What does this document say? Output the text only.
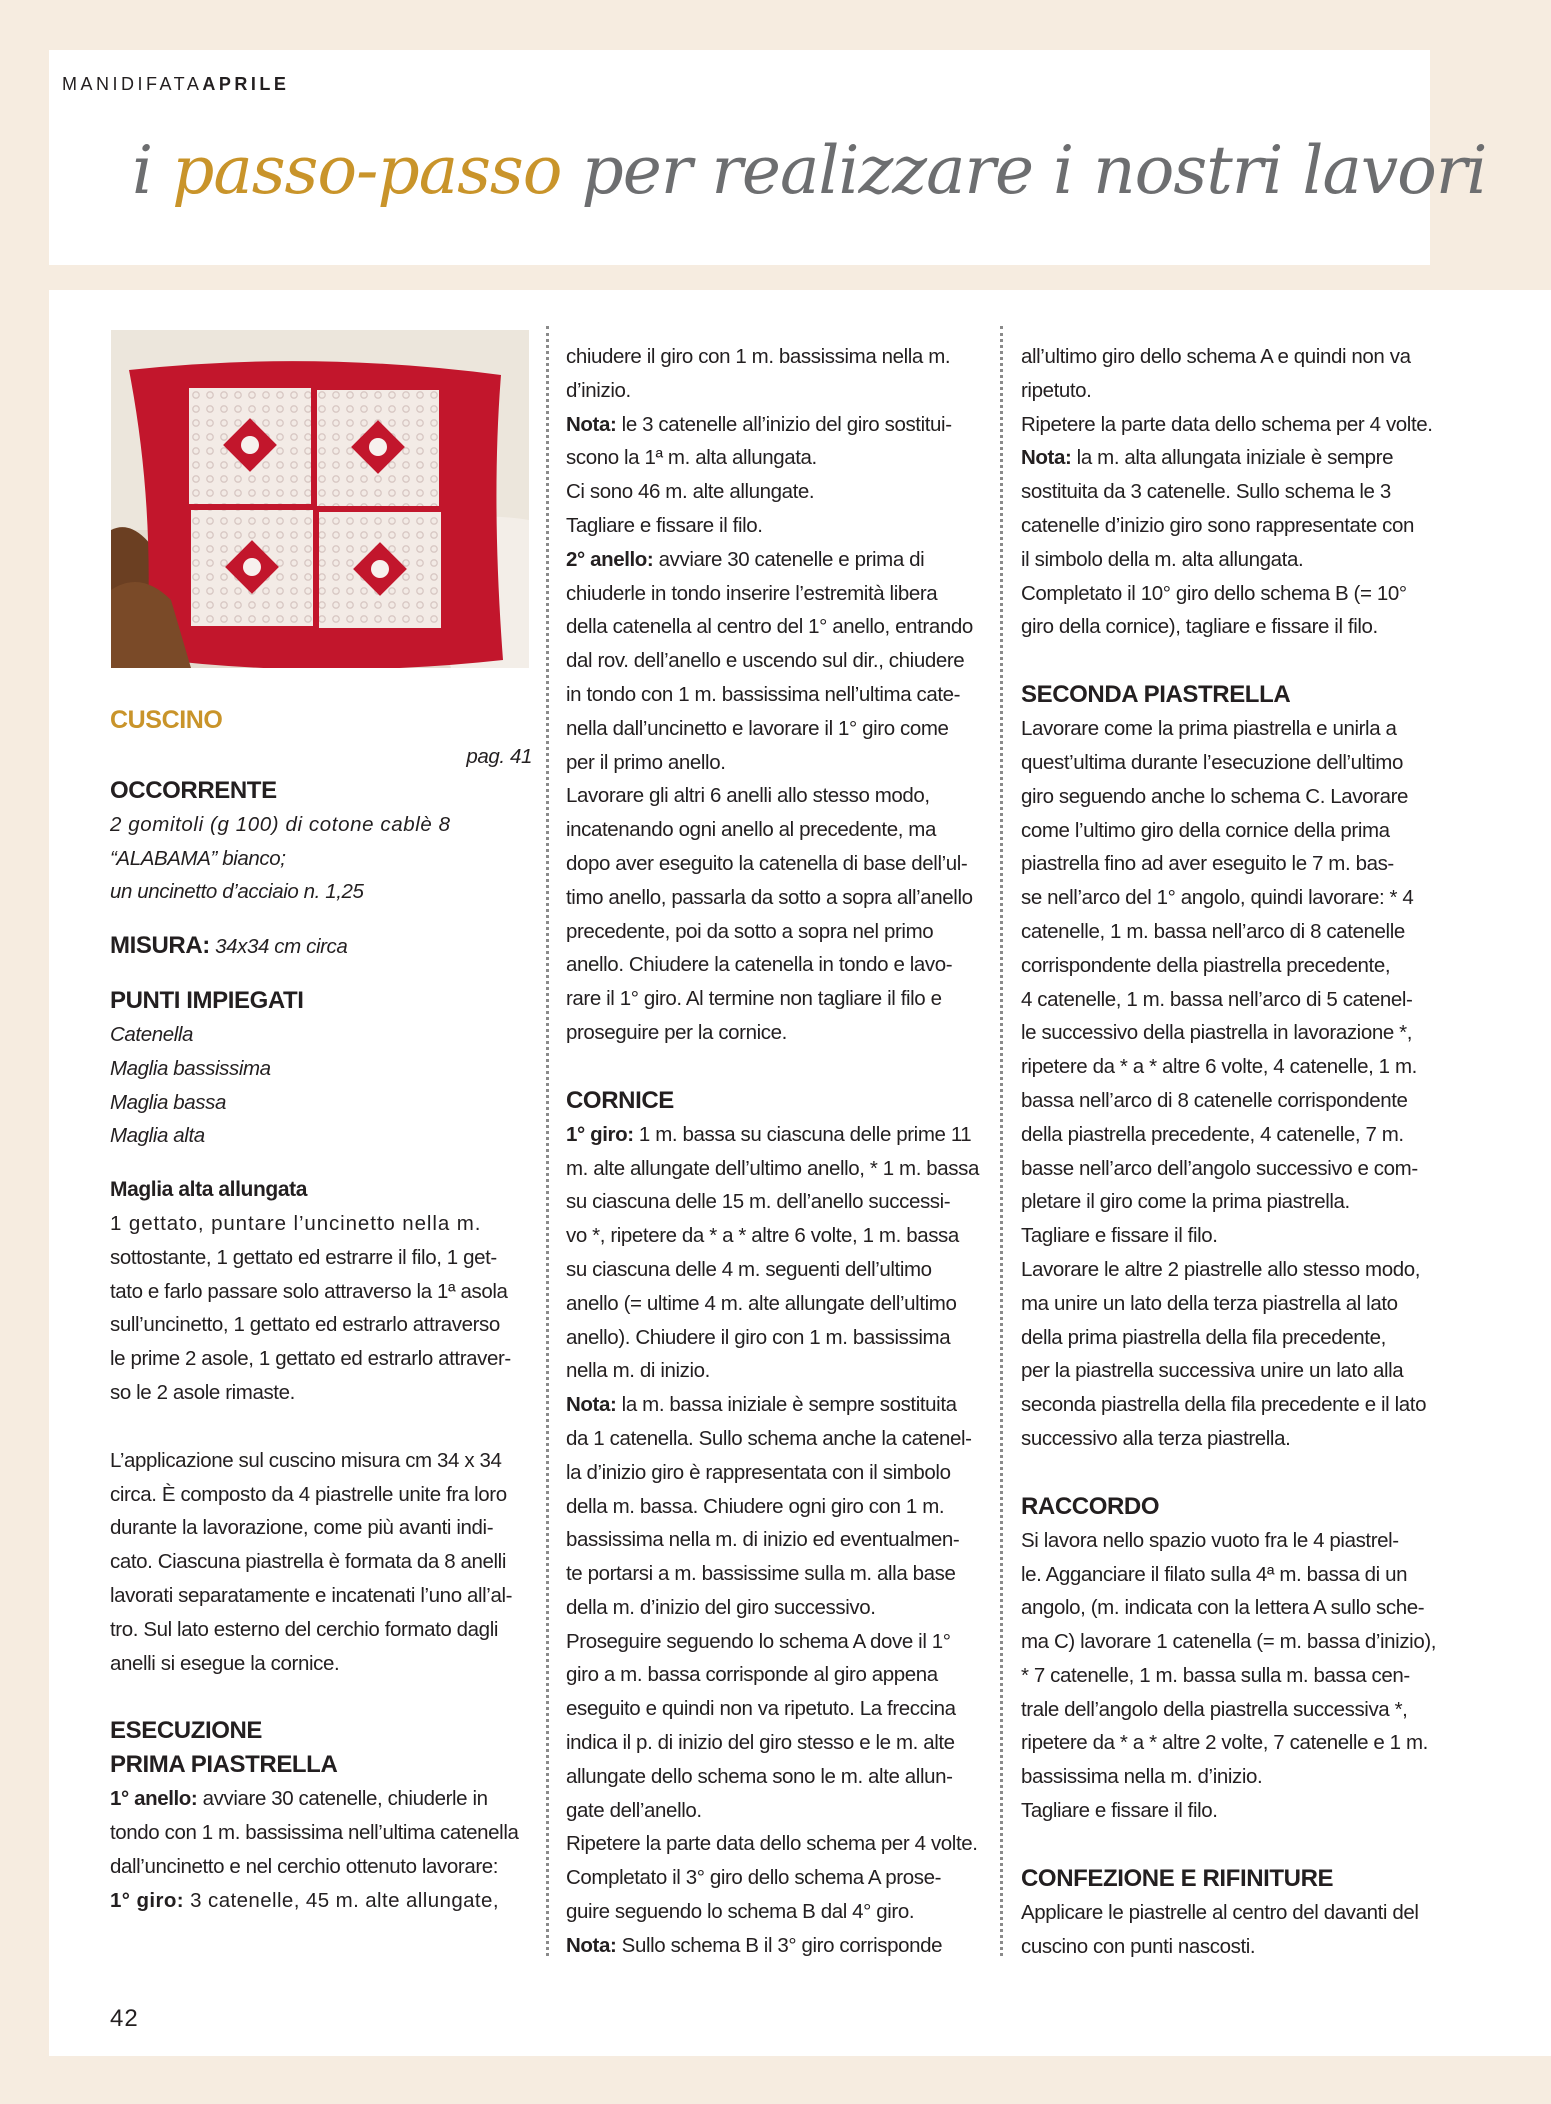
MANIDIFATAAPRILE
i passo-passo per realizzare i nostri lavori
CUSCINO

pag. 41

OCCORRENTE

2 gomitoli (g 100) di cotone cablè 8

“ALABAMA” bianco;

un uncinetto d’acciaio n. 1,25

MISURA: 34x34 cm circa

PUNTI IMPIEGATI

Catenella

Maglia bassissima

Maglia bassa

Maglia alta

Maglia alta allungata

1 gettato, puntare l’uncinetto nella m.

sottostante, 1 gettato ed estrarre il filo, 1 get-

tato e farlo passare solo attraverso la 1ª asola

sull’uncinetto, 1 gettato ed estrarlo attraverso

le prime 2 asole, 1 gettato ed estrarlo attraver-

so le 2 asole rimaste.

L’applicazione sul cuscino misura cm 34 x 34

circa. È composto da 4 piastrelle unite fra loro

durante la lavorazione, come più avanti indi-

cato. Ciascuna piastrella è formata da 8 anelli

lavorati separatamente e incatenati l’uno all’al-

tro. Sul lato esterno del cerchio formato dagli

anelli si esegue la cornice.

ESECUZIONE
PRIMA PIASTRELLA

1° anello: avviare 30 catenelle, chiuderle in

tondo con 1 m. bassissima nell’ultima catenella

dall’uncinetto e nel cerchio ottenuto lavorare:

1° giro: 3 catenelle, 45 m. alte allungate,

chiudere il giro con 1 m. bassissima nella m.

d’inizio.

Nota: le 3 catenelle all’inizio del giro sostitui-

scono la 1ª m. alta allungata.

Ci sono 46 m. alte allungate.

Tagliare e fissare il filo.

2° anello: avviare 30 catenelle e prima di

chiuderle in tondo inserire l’estremità libera

della catenella al centro del 1° anello, entrando

dal rov. dell’anello e uscendo sul dir., chiudere

in tondo con 1 m. bassissima nell’ultima cate-

nella dall’uncinetto e lavorare il 1° giro come

per il primo anello.

Lavorare gli altri 6 anelli allo stesso modo,

incatenando ogni anello al precedente, ma

dopo aver eseguito la catenella di base dell’ul-

timo anello, passarla da sotto a sopra all’anello

precedente, poi da sotto a sopra nel primo

anello. Chiudere la catenella in tondo e lavo-

rare il 1° giro. Al termine non tagliare il filo e

proseguire per la cornice.

CORNICE

1° giro: 1 m. bassa su ciascuna delle prime 11

m. alte allungate dell’ultimo anello, * 1 m. bassa

su ciascuna delle 15 m. dell’anello successi-

vo *, ripetere da * a * altre 6 volte, 1 m. bassa

su ciascuna delle 4 m. seguenti dell’ultimo

anello (= ultime 4 m. alte allungate dell’ultimo

anello). Chiudere il giro con 1 m. bassissima

nella m. di inizio.

Nota: la m. bassa iniziale è sempre sostituita

da 1 catenella. Sullo schema anche la catenel-

la d’inizio giro è rappresentata con il simbolo

della m. bassa. Chiudere ogni giro con 1 m.

bassissima nella m. di inizio ed eventualmen-

te portarsi a m. bassissime sulla m. alla base

della m. d’inizio del giro successivo.

Proseguire seguendo lo schema A dove il 1°

giro a m. bassa corrisponde al giro appena

eseguito e quindi non va ripetuto. La freccina

indica il p. di inizio del giro stesso e le m. alte

allungate dello schema sono le m. alte allun-

gate dell’anello.

Ripetere la parte data dello schema per 4 volte.

Completato il 3° giro dello schema A prose-

guire seguendo lo schema B dal 4° giro.

Nota: Sullo schema B il 3° giro corrisponde

all’ultimo giro dello schema A e quindi non va

ripetuto.

Ripetere la parte data dello schema per 4 volte.

Nota: la m. alta allungata iniziale è sempre

sostituita da 3 catenelle. Sullo schema le 3

catenelle d’inizio giro sono rappresentate con

il simbolo della m. alta allungata.

Completato il 10° giro dello schema B (= 10°

giro della cornice), tagliare e fissare il filo.

SECONDA PIASTRELLA

Lavorare come la prima piastrella e unirla a

quest’ultima durante l’esecuzione dell’ultimo

giro seguendo anche lo schema C. Lavorare

come l’ultimo giro della cornice della prima

piastrella fino ad aver eseguito le 7 m. bas-

se nell’arco del 1° angolo, quindi lavorare: * 4

catenelle, 1 m. bassa nell’arco di 8 catenelle

corrispondente della piastrella precedente,

4 catenelle, 1 m. bassa nell’arco di 5 catenel-

le successivo della piastrella in lavorazione *,

ripetere da * a * altre 6 volte, 4 catenelle, 1 m.

bassa nell’arco di 8 catenelle corrispondente

della piastrella precedente, 4 catenelle, 7 m.

basse nell’arco dell’angolo successivo e com-

pletare il giro come la prima piastrella.

Tagliare e fissare il filo.

Lavorare le altre 2 piastrelle allo stesso modo,

ma unire un lato della terza piastrella al lato

della prima piastrella della fila precedente,

per la piastrella successiva unire un lato alla

seconda piastrella della fila precedente e il lato

successivo alla terza piastrella.

RACCORDO

Si lavora nello spazio vuoto fra le 4 piastrel-

le. Agganciare il filato sulla 4ª m. bassa di un

angolo, (m. indicata con la lettera A sullo sche-

ma C) lavorare 1 catenella (= m. bassa d’inizio),

* 7 catenelle, 1 m. bassa sulla m. bassa cen-

trale dell’angolo della piastrella successiva *,

ripetere da * a * altre 2 volte, 7 catenelle e 1 m.

bassissima nella m. d’inizio.

Tagliare e fissare il filo.

CONFEZIONE E RIFINITURE

Applicare le piastrelle al centro del davanti del

cuscino con punti nascosti.

42
